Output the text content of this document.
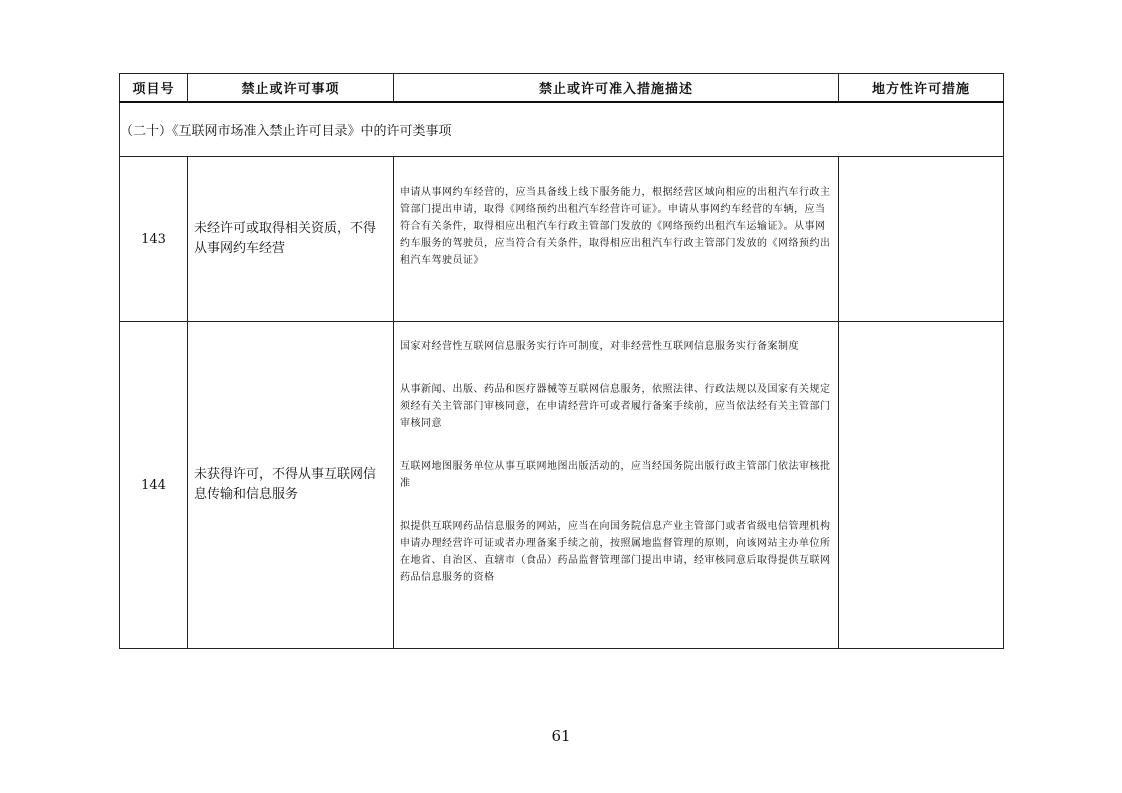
项目号	禁止或许可事项	禁止或许可准入措施描述	地方性许可措施
（二十）《互联网市场准入禁止许可目录》中的许可类事项			
143	未经许可或取得相关资质，不得从事网约车经营	申请从事网约车经营的，应当具备线上线下服务能力，根据经营区域向相应的出租汽车行政主管部门提出申请，取得《网络预约出租汽车经营许可证》。申请从事网约车经营的车辆，应当符合有关条件，取得相应出租汽车行政主管部门发放的《网络预约出租汽车运输证》。从事网约车服务的驾驶员，应当符合有关条件，取得相应出租汽车行政主管部门发放的《网络预约出租汽车驾驶员证》	

144	未获得许可，不得从事互联网信息传输和信息服务	国家对经营性互联网信息服务实行许可制度，对非经营性互联网信息服务实行备案制度

从事新闻、出版、药品和医疗器械等互联网信息服务，依照法律、行政法规以及国家有关规定须经有关主管部门审核同意，在申请经营许可或者履行备案手续前，应当依法经有关主管部门审核同意

互联网地图服务单位从事互联网地图出版活动的，应当经国务院出版行政主管部门依法审核批准

拟提供互联网药品信息服务的网站，应当在向国务院信息产业主管部门或者省级电信管理机构申请办理经营许可证或者办理备案手续之前，按照属地监督管理的原则，向该网站主办单位所在地省、自治区、直辖市（食品）药品监督管理部门提出申请，经审核同意后取得提供互联网药品信息服务的资格	

61
